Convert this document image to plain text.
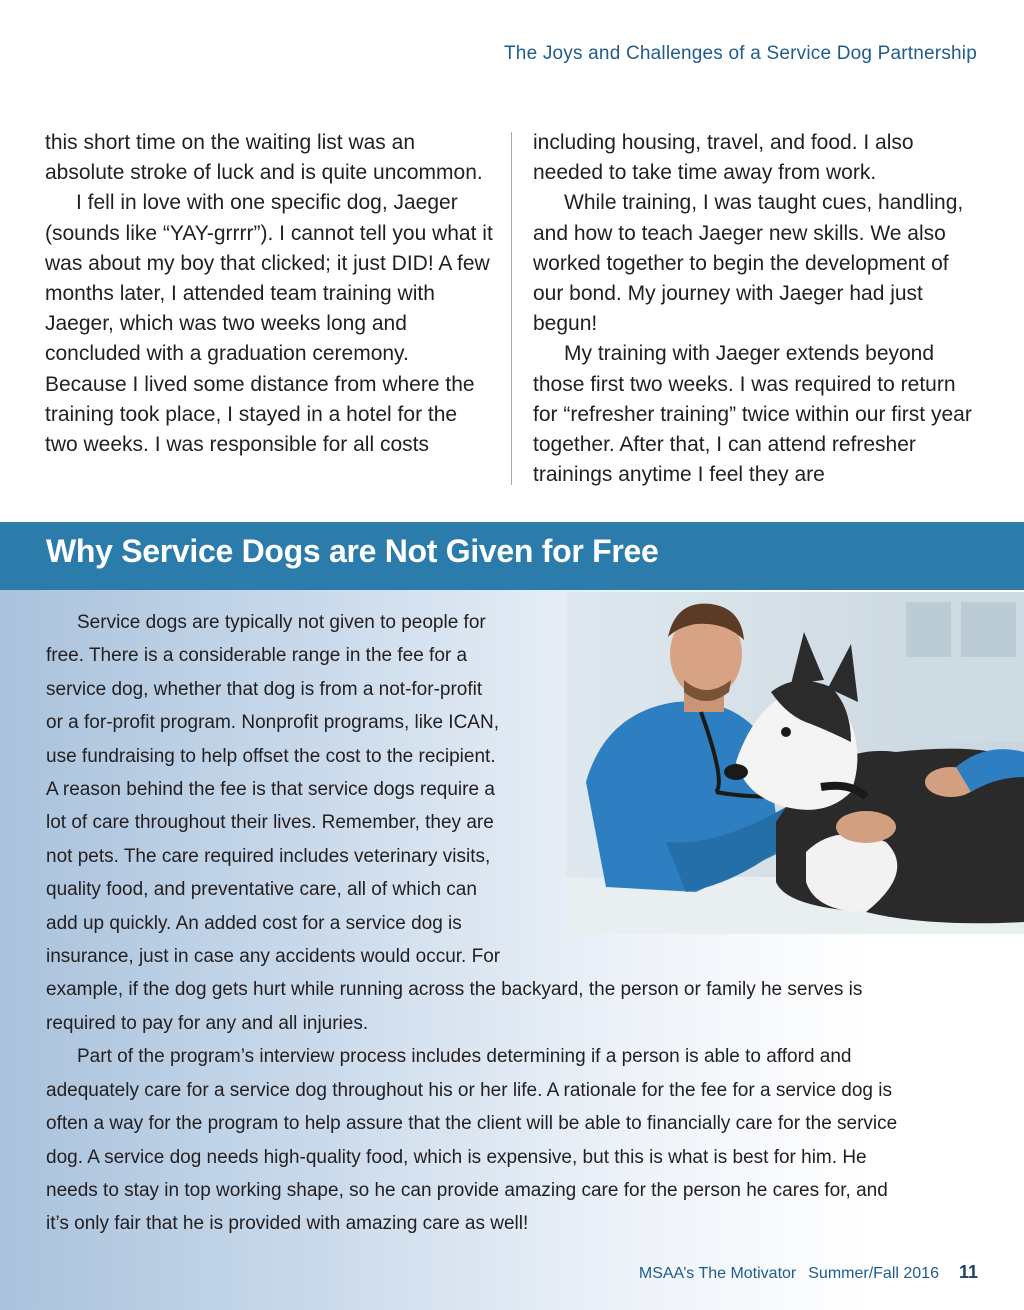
The Joys and Challenges of a Service Dog Partnership

this short time on the waiting list was an absolute stroke of luck and is quite uncommon.

I fell in love with one specific dog, Jaeger (sounds like “YAY-grrrr”). I cannot tell you what it was about my boy that clicked; it just DID! A few months later, I attended team training with Jaeger, which was two weeks long and concluded with a graduation ceremony. Because I lived some distance from where the training took place, I stayed in a hotel for the two weeks. I was responsible for all costs

including housing, travel, and food. I also needed to take time away from work.

While training, I was taught cues, handling, and how to teach Jaeger new skills. We also worked together to begin the development of our bond. My journey with Jaeger had just begun!

My training with Jaeger extends beyond those first two weeks. I was required to return for “refresher training” twice within our first year together. After that, I can attend refresher trainings anytime I feel they are

Why Service Dogs are Not Given for Free

Service dogs are typically not given to people for
free. There is a considerable range in the fee for a
service dog, whether that dog is from a not-for-profit
or a for-profit program. Nonprofit programs, like ICAN,
use fundraising to help offset the cost to the recipient.
A reason behind the fee is that service dogs require a
lot of care throughout their lives. Remember, they are
not pets. The care required includes veterinary visits,
quality food, and preventative care, all of which can
add up quickly. An added cost for a service dog is
insurance, just in case any accidents would occur. For
example, if the dog gets hurt while running across the backyard, the person or family he serves is
required to pay for any and all injuries.

Part of the program’s interview process includes determining if a person is able to afford and
adequately care for a service dog throughout his or her life. A rationale for the fee for a service dog is
often a way for the program to help assure that the client will be able to financially care for the service
dog. A service dog needs high-quality food, which is expensive, but this is what is best for him. He
needs to stay in top working shape, so he can provide amazing care for the person he cares for, and
it’s only fair that he is provided with amazing care as well!

MSAA’s The Motivator Summer/Fall 2016 11
